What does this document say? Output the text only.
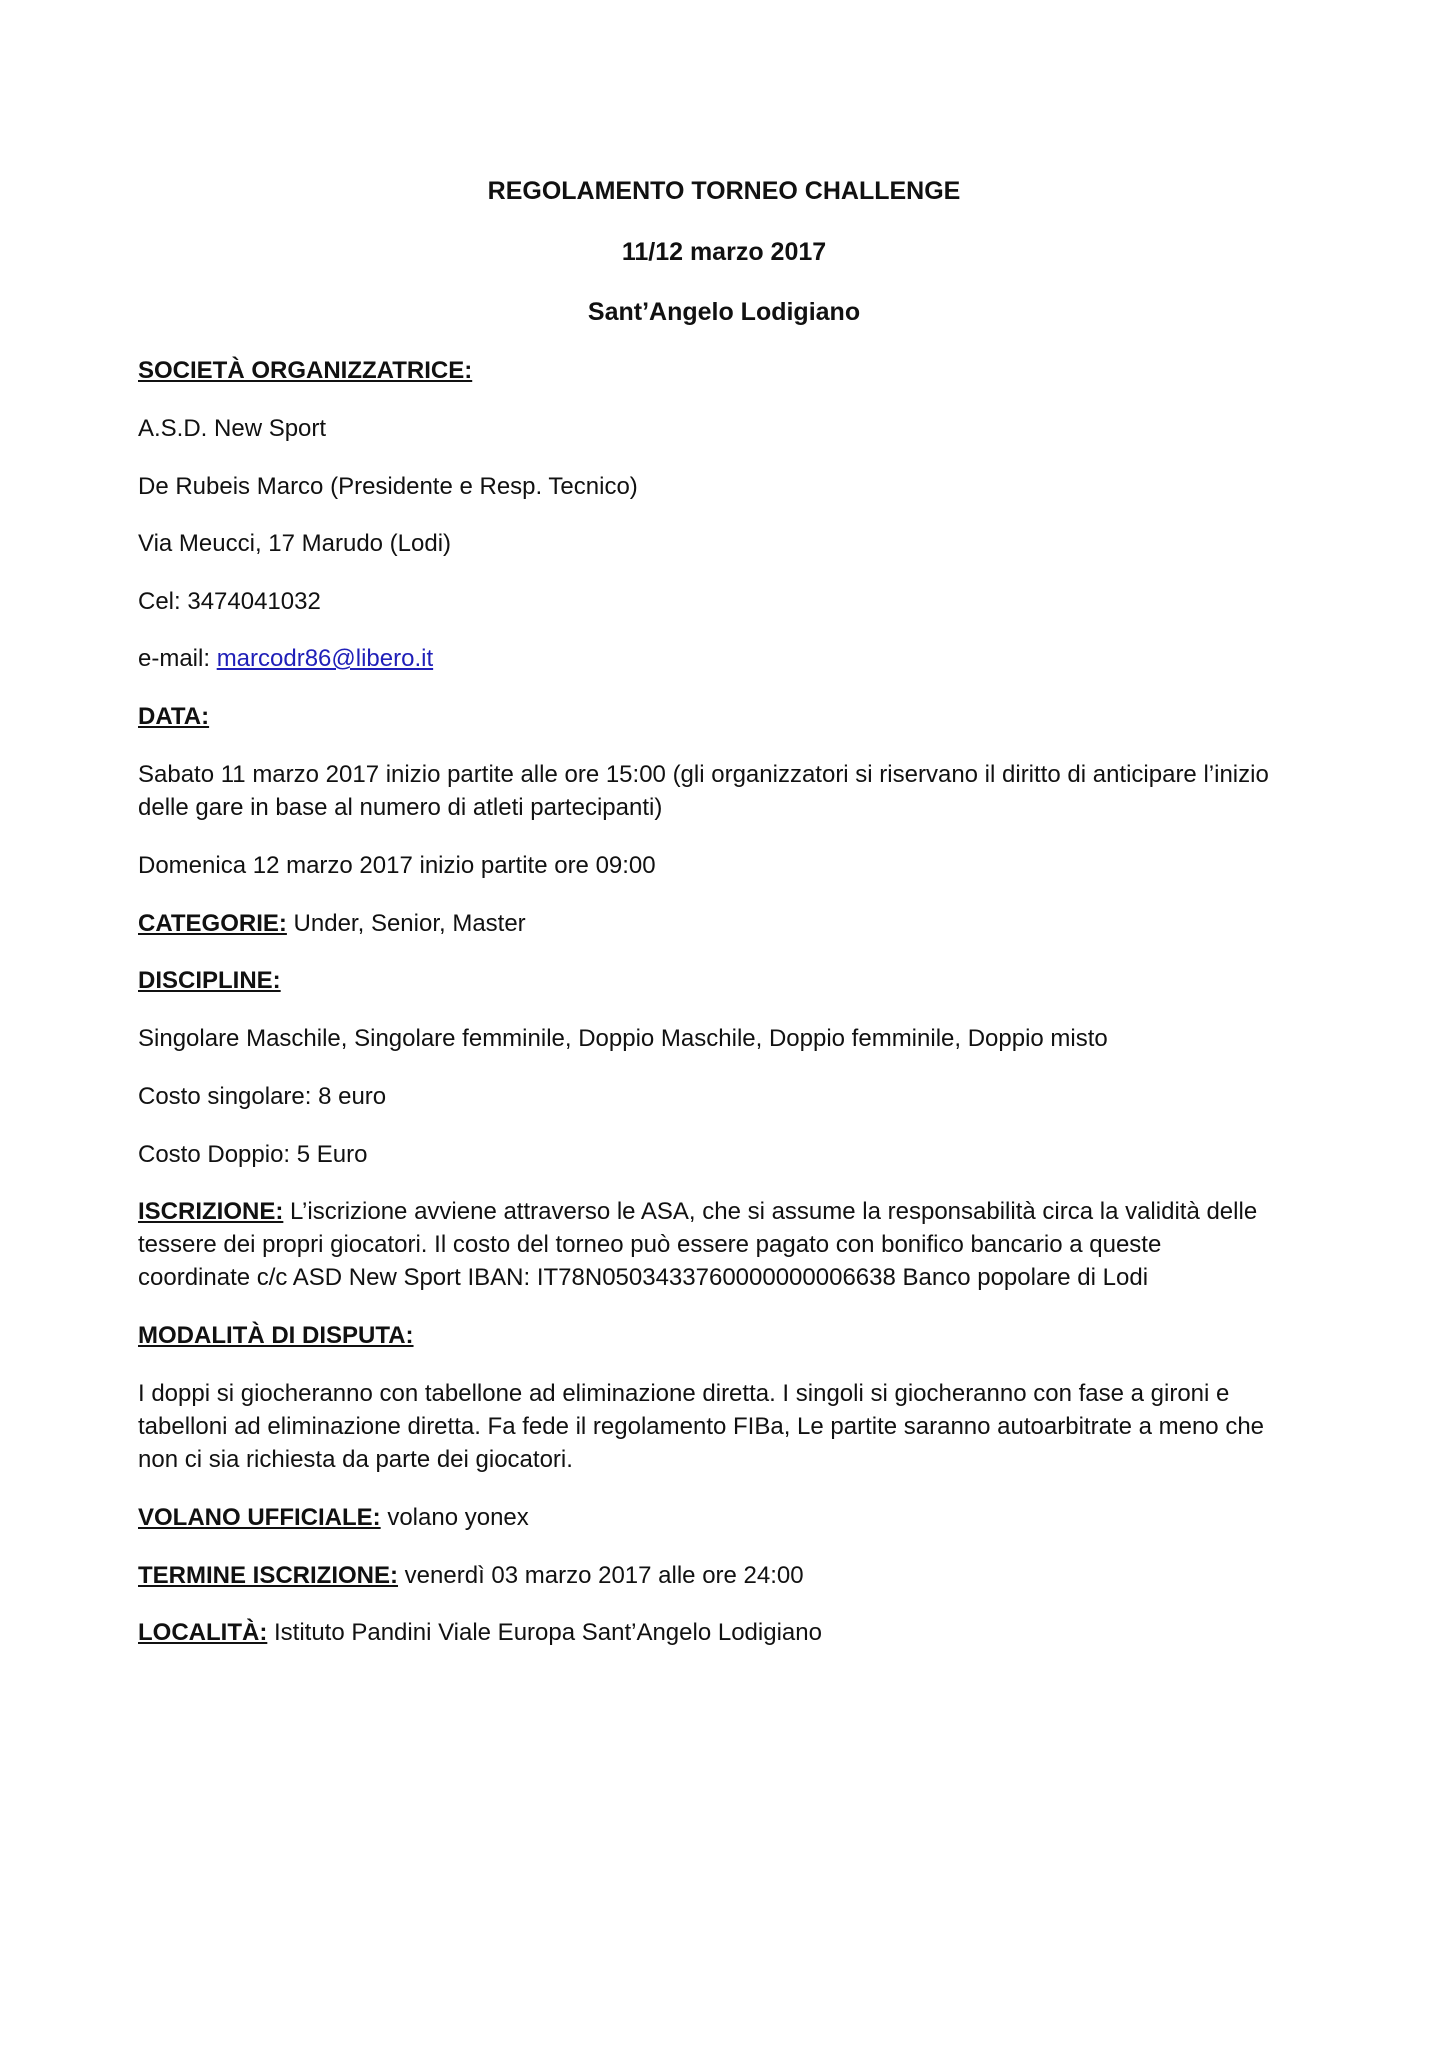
REGOLAMENTO TORNEO CHALLENGE
11/12 marzo 2017
Sant’Angelo Lodigiano
SOCIETÀ ORGANIZZATRICE:
A.S.D. New Sport
De Rubeis Marco (Presidente e Resp. Tecnico)
Via Meucci, 17 Marudo (Lodi)
Cel: 3474041032
e-mail: marcodr86@libero.it
DATA:
Sabato 11 marzo 2017 inizio partite alle ore 15:00 (gli organizzatori si riservano il diritto di anticipare l’inizio
delle gare in base al numero di atleti partecipanti)
Domenica 12 marzo 2017 inizio partite ore 09:00
CATEGORIE: Under, Senior, Master
DISCIPLINE:
Singolare Maschile, Singolare femminile, Doppio Maschile, Doppio femminile, Doppio misto
Costo singolare: 8 euro
Costo Doppio: 5 Euro
ISCRIZIONE: L’iscrizione avviene attraverso le ASA, che si assume la responsabilità circa la validità delle
tessere dei propri giocatori. Il costo del torneo può essere pagato con bonifico bancario a queste
coordinate c/c ASD New Sport IBAN: IT78N0503433760000000006638 Banco popolare di Lodi
MODALITÀ DI DISPUTA:
I doppi si giocheranno con tabellone ad eliminazione diretta. I singoli si giocheranno con fase a gironi e
tabelloni ad eliminazione diretta. Fa fede il regolamento FIBa, Le partite saranno autoarbitrate a meno che
non ci sia richiesta da parte dei giocatori.
VOLANO UFFICIALE: volano yonex
TERMINE ISCRIZIONE: venerdì 03 marzo 2017 alle ore 24:00
LOCALITÀ: Istituto Pandini Viale Europa Sant’Angelo Lodigiano
